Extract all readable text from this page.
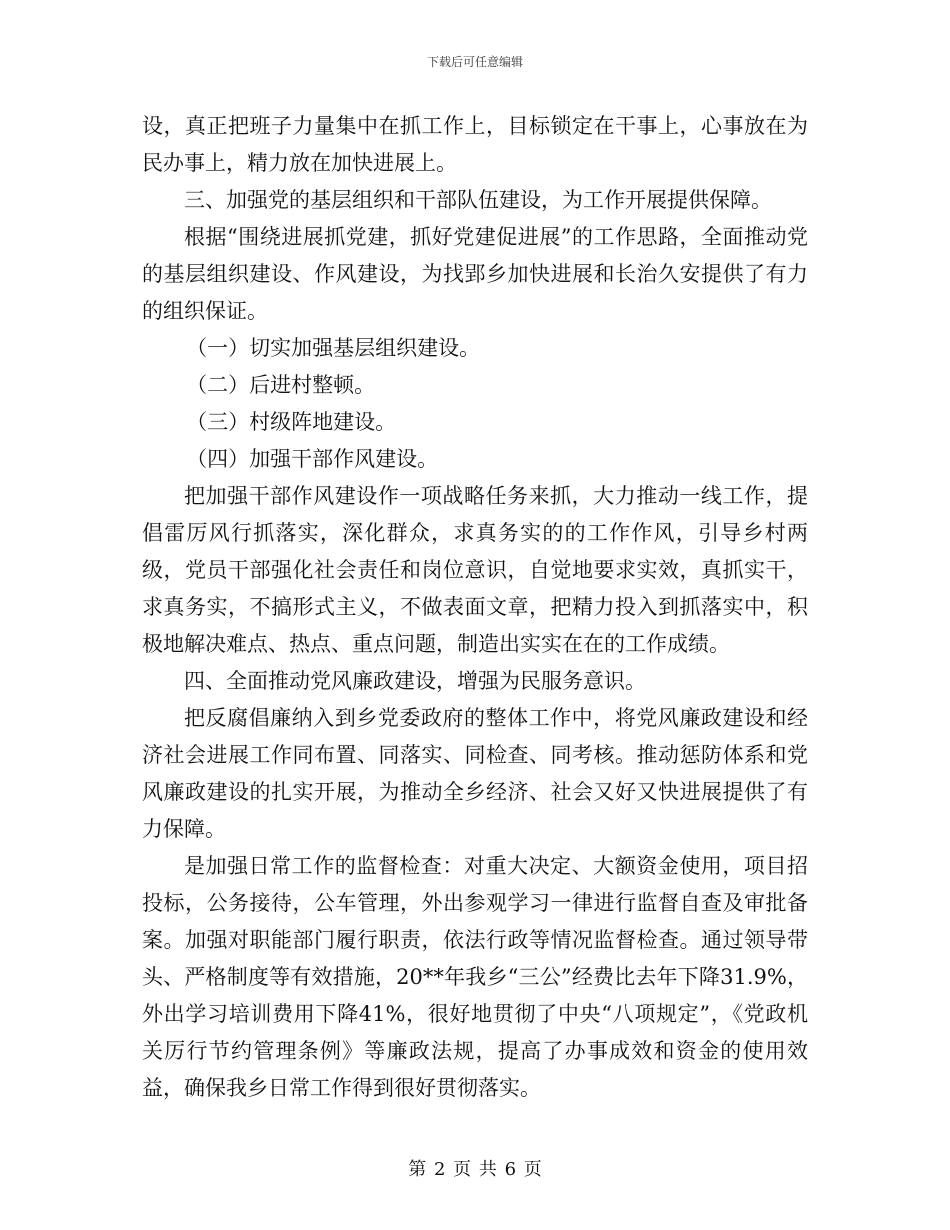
下载后可任意编辑

设，真正把班子力量集中在抓工作上，目标锁定在干事上，心事放在为民办事上，精力放在加快进展上。

三、加强党的基层组织和干部队伍建设，为工作开展提供保障。

根据“围绕进展抓党建，抓好党建促进展”的工作思路，全面推动党的基层组织建设、作风建设，为找郢乡加快进展和长治久安提供了有力的组织保证。

（一）切实加强基层组织建设。

（二）后进村整顿。

（三）村级阵地建设。

（四）加强干部作风建设。

把加强干部作风建设作一项战略任务来抓，大力推动一线工作，提倡雷厉风行抓落实，深化群众，求真务实的的工作作风，引导乡村两级，党员干部强化社会责任和岗位意识，自觉地要求实效，真抓实干，求真务实，不搞形式主义，不做表面文章，把精力投入到抓落实中，积极地解决难点、热点、重点问题，制造出实实在在的工作成绩。

四、全面推动党风廉政建设，增强为民服务意识。

把反腐倡廉纳入到乡党委政府的整体工作中，将党风廉政建设和经济社会进展工作同布置、同落实、同检查、同考核。推动惩防体系和党风廉政建设的扎实开展，为推动全乡经济、社会又好又快进展提供了有力保障。

是加强日常工作的监督检查：对重大决定、大额资金使用，项目招投标，公务接待，公车管理，外出参观学习一律进行监督自查及审批备案。加强对职能部门履行职责，依法行政等情况监督检查。通过领导带头、严格制度等有效措施，20**年我乡“三公”经费比去年下降31.9%，外出学习培训费用下降41%，很好地贯彻了中央“八项规定”，《党政机关厉行节约管理条例》等廉政法规，提高了办事成效和资金的使用效益，确保我乡日常工作得到很好贯彻落实。

第 2 页 共 6 页
